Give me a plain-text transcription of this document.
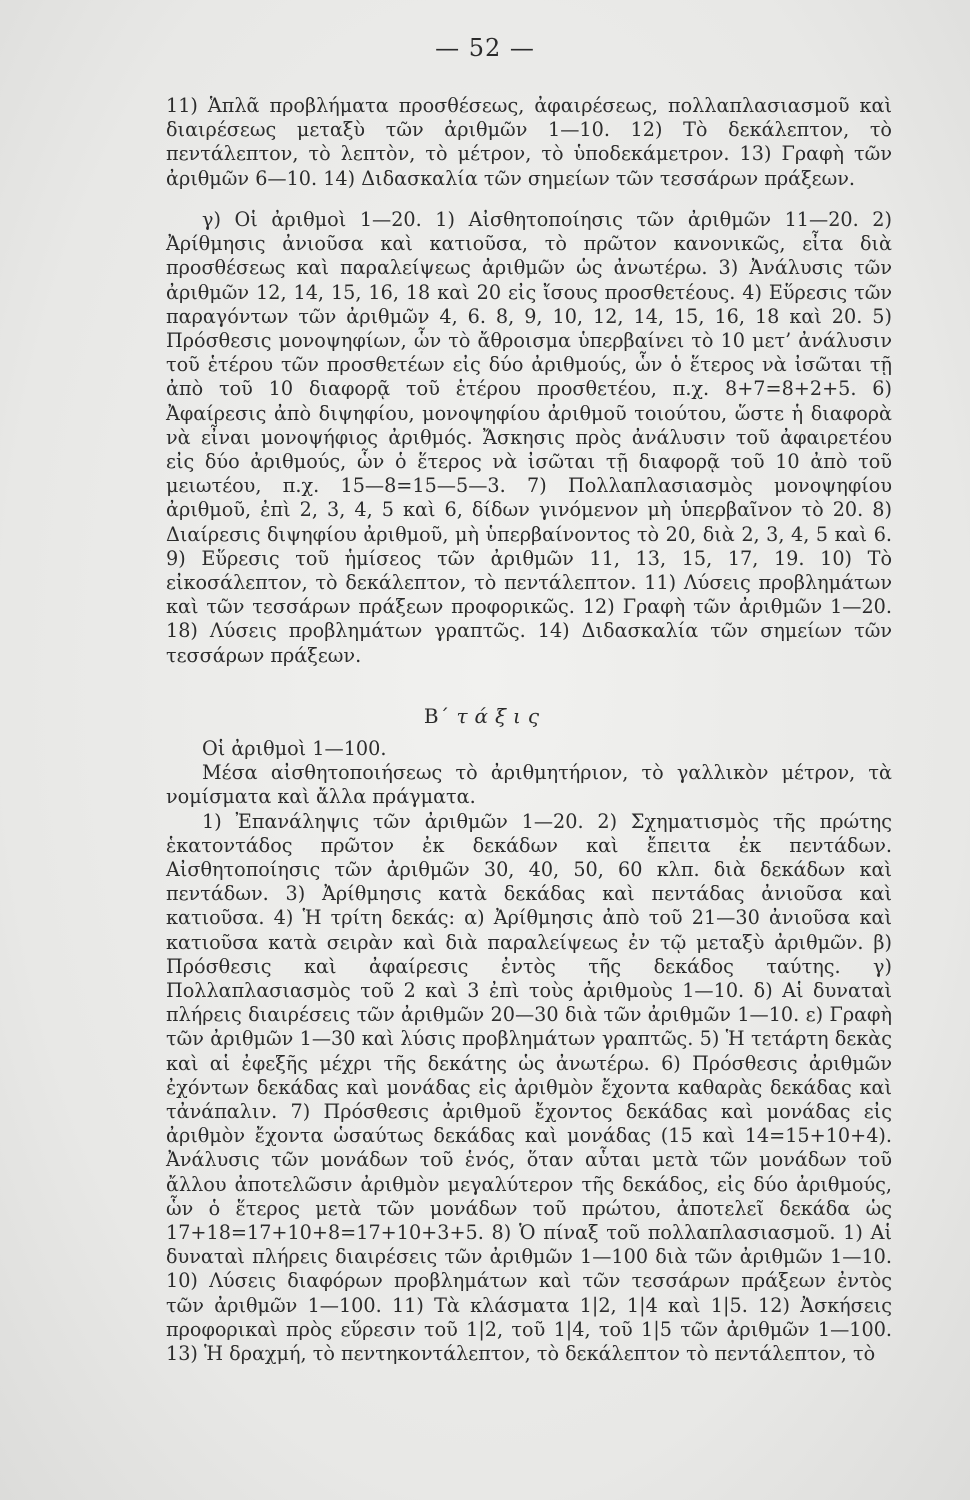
— 52 —

11) Ἁπλᾶ προβλήματα προσθέσεως, ἀφαιρέσεως, πολλαπλασιασμοῦ καὶ διαιρέσεως μεταξὺ τῶν ἀριθμῶν 1—10. 12) Τὸ δεκάλεπτον, τὸ πεντάλεπτον, τὸ λεπτὸν, τὸ μέτρον, τὸ ὑποδεκάμετρον. 13) Γραφὴ τῶν ἀριθμῶν 6—10. 14) Διδασκαλία τῶν σημείων τῶν τεσσάρων πράξεων.

γ) Οἱ ἀριθμοὶ 1—20. 1) Αἰσθητοποίησις τῶν ἀριθμῶν 11—20. 2) Ἀρίθμησις ἀνιοῦσα καὶ κατιοῦσα, τὸ πρῶτον κανονικῶς, εἶτα διὰ προσθέσεως καὶ παραλείψεως ἀριθμῶν ὡς ἀνωτέρω. 3) Ἀνάλυσις τῶν ἀριθμῶν 12, 14, 15, 16, 18 καὶ 20 εἰς ἴσους προσθετέους. 4) Εὕρεσις τῶν παραγόντων τῶν ἀριθμῶν 4, 6. 8, 9, 10, 12, 14, 15, 16, 18 καὶ 20. 5) Πρόσθεσις μονοψηφίων, ὧν τὸ ἄθροισμα ὑπερβαίνει τὸ 10 μετ’ ἀνάλυσιν τοῦ ἑτέρου τῶν προσθετέων εἰς δύο ἀριθμούς, ὧν ὁ ἕτερος νὰ ἰσῶται τῇ ἀπὸ τοῦ 10 διαφορᾷ τοῦ ἑτέρου προσθετέου, π.χ. 8+7=8+2+5. 6) Ἀφαίρεσις ἀπὸ διψηφίου, μονοψηφίου ἀριθμοῦ τοιούτου, ὥστε ἡ διαφορὰ νὰ εἶναι μονοψήφιος ἀριθμός. Ἄσκησις πρὸς ἀνάλυσιν τοῦ ἀφαιρετέου εἰς δύο ἀριθμούς, ὧν ὁ ἕτερος νὰ ἰσῶται τῇ διαφορᾷ τοῦ 10 ἀπὸ τοῦ μειωτέου, π.χ. 15—8=15—5—3. 7) Πολλαπλασιασμὸς μονοψηφίου ἀριθμοῦ, ἐπὶ 2, 3, 4, 5 καὶ 6, δίδων γινόμενον μὴ ὑπερβαῖνον τὸ 20. 8) Διαίρεσις διψηφίου ἀριθμοῦ, μὴ ὑπερβαίνοντος τὸ 20, διὰ 2, 3, 4, 5 καὶ 6. 9) Εὕρεσις τοῦ ἡμίσεος τῶν ἀριθμῶν 11, 13, 15, 17, 19. 10) Τὸ εἰκοσάλεπτον, τὸ δεκάλεπτον, τὸ πεντάλεπτον. 11) Λύσεις προβλημάτων καὶ τῶν τεσσάρων πράξεων προφορικῶς. 12) Γραφὴ τῶν ἀριθμῶν 1—20. 18) Λύσεις προβλημάτων γραπτῶς. 14) Διδασκαλία τῶν σημείων τῶν τεσσάρων πράξεων.

Β΄ τάξις

Οἱ ἀριθμοὶ 1—100.

Μέσα αἰσθητοποιήσεως τὸ ἀριθμητήριον, τὸ γαλλικὸν μέτρον, τὰ νομίσματα καὶ ἄλλα πράγματα.

1) Ἐπανάληψις τῶν ἀριθμῶν 1—20. 2) Σχηματισμὸς τῆς πρώτης ἑκατοντάδος πρῶτον ἐκ δεκάδων καὶ ἔπειτα ἐκ πεντάδων. Αἰσθητοποίησις τῶν ἀριθμῶν 30, 40, 50, 60 κλπ. διὰ δεκάδων καὶ πεντάδων. 3) Ἀρίθμησις κατὰ δεκάδας καὶ πεντάδας ἀνιοῦσα καὶ κατιοῦσα. 4) Ἡ τρίτη δεκάς: α) Ἀρίθμησις ἀπὸ τοῦ 21—30 ἀνιοῦσα καὶ κατιοῦσα κατὰ σειρὰν καὶ διὰ παραλείψεως ἐν τῷ μεταξὺ ἀριθμῶν. β) Πρόσθεσις καὶ ἀφαίρεσις ἐντὸς τῆς δεκάδος ταύτης. γ) Πολλαπλασιασμὸς τοῦ 2 καὶ 3 ἐπὶ τοὺς ἀριθμοὺς 1—10. δ) Αἱ δυναταὶ πλήρεις διαιρέσεις τῶν ἀριθμῶν 20—30 διὰ τῶν ἀριθμῶν 1—10. ε) Γραφὴ τῶν ἀριθμῶν 1—30 καὶ λύσις προβλημάτων γραπτῶς. 5) Ἡ τετάρτη δεκὰς καὶ αἱ ἐφεξῆς μέχρι τῆς δεκάτης ὡς ἀνωτέρω. 6) Πρόσθεσις ἀριθμῶν ἐχόντων δεκάδας καὶ μονάδας εἰς ἀριθμὸν ἔχοντα καθαρὰς δεκάδας καὶ τἀνάπαλιν. 7) Πρόσθεσις ἀριθμοῦ ἔχοντος δεκάδας καὶ μονάδας εἰς ἀριθμὸν ἔχοντα ὡσαύτως δεκάδας καὶ μονάδας (15 καὶ 14=15+10+4). Ἀνάλυσις τῶν μονάδων τοῦ ἑνός, ὅταν αὗται μετὰ τῶν μονάδων τοῦ ἄλλου ἀποτελῶσιν ἀριθμὸν μεγαλύτερον τῆς δεκάδος, εἰς δύο ἀριθμούς, ὧν ὁ ἕτερος μετὰ τῶν μονάδων τοῦ πρώτου, ἀποτελεῖ δεκάδα ὡς 17+18=17+10+8=17+10+3+5. 8) Ὁ πίναξ τοῦ πολλαπλασιασμοῦ. 1) Αἱ δυναταὶ πλήρεις διαιρέσεις τῶν ἀριθμῶν 1—100 διὰ τῶν ἀριθμῶν 1—10. 10) Λύσεις διαφόρων προβλημάτων καὶ τῶν τεσσάρων πράξεων ἐντὸς τῶν ἀριθμῶν 1—100. 11) Τὰ κλάσματα 1|2, 1|4 καὶ 1|5. 12) Ἀσκήσεις προφορικαὶ πρὸς εὕρεσιν τοῦ 1|2, τοῦ 1|4, τοῦ 1|5 τῶν ἀριθμῶν 1—100. 13) Ἡ δραχμή, τὸ πεντηκοντάλεπτον, τὸ δεκάλεπτον τὸ πεντάλεπτον, τὸ
